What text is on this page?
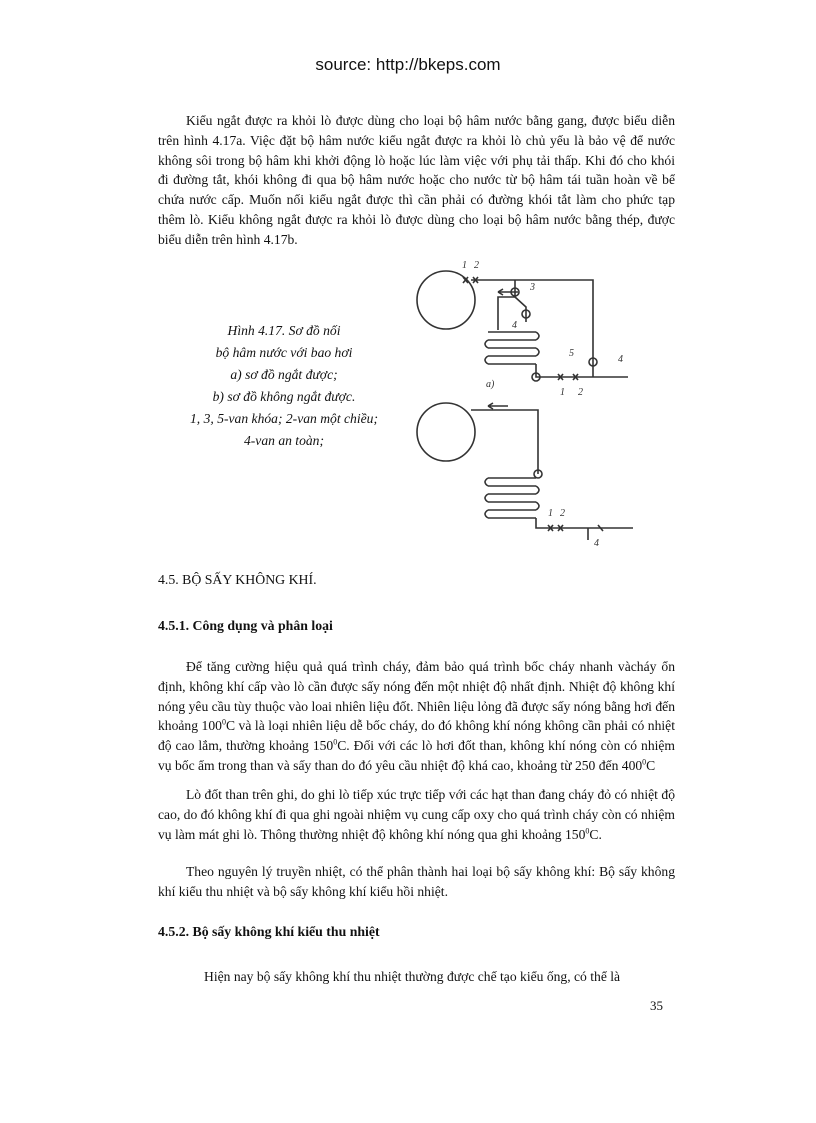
source: http://bkeps.com

Kiểu ngắt được ra khỏi lò được dùng cho loại bộ hâm nước bằng gang, được biểu diễn trên hình 4.17a. Việc đặt bộ hâm nước kiểu ngắt được ra khỏi lò chủ yếu là bảo vệ để nước không sôi trong bộ hâm khi khởi động lò hoặc lúc làm việc với phụ tải thấp. Khi đó cho khói đi đường tắt, khói không đi qua bộ hâm nước hoặc cho nước từ bộ hâm tái tuần hoàn về bể chứa nước cấp. Muốn nối kiểu ngắt được thì cần phải có đường khói tắt làm cho phức tạp thêm lò. Kiểu không ngắt được ra khỏi lò được dùng cho loại bộ hâm nước bằng thép, được biểu diễn trên hình 4.17b.

Hình 4.17. Sơ đồ nối
bộ hâm nước với bao hơi
a) sơ đồ ngắt được;
b) sơ đồ không ngắt được.
1, 3, 5-van khóa; 2-van một chiều;
4-van an toàn;
1 2
3
4
5
4
a)
1 2
1 2
4
4.5. BỘ SẤY KHÔNG KHÍ.
4.5.1. Công dụng và phân loại

Để tăng cường hiệu quả quá trình cháy, đảm bảo quá trình bốc cháy nhanh vàcháy ổn định, không khí cấp vào lò cần được sấy nóng đến một nhiệt độ nhất định. Nhiệt độ không khí nóng yêu cầu tùy thuộc vào loai nhiên liệu đốt. Nhiên liệu lỏng đã được sấy nóng bằng hơi đến khoảng $100^0C$ và là loại nhiên liệu dễ bốc cháy, do đó không khí nóng không cần phải có nhiệt độ cao lắm, thường khoảng $150^0C$. Đối với các lò hơi đốt than, không khí nóng còn có nhiệm vụ bốc ẩm trong than và sấy than do đó yêu cầu nhiệt độ khá cao, khoảng từ 250 đến $400^0C$

Lò đốt than trên ghi, do ghi lò tiếp xúc trực tiếp với các hạt than đang cháy đỏ có nhiệt độ cao, do đó không khí đi qua ghi ngoài nhiệm vụ cung cấp oxy cho quá trình cháy còn có nhiệm vụ làm mát ghi lò. Thông thường nhiệt độ không khí nóng qua ghi khoảng $150^0C$.

Theo nguyên lý truyền nhiệt, có thể phân thành hai loại bộ sấy không khí: Bộ sấy không khí kiểu thu nhiệt và bộ sấy không khí kiểu hồi nhiệt.

4.5.2. Bộ sấy không khí kiểu thu nhiệt

Hiện nay bộ sấy không khí thu nhiệt thường được chế tạo kiểu ống, có thể là

35
